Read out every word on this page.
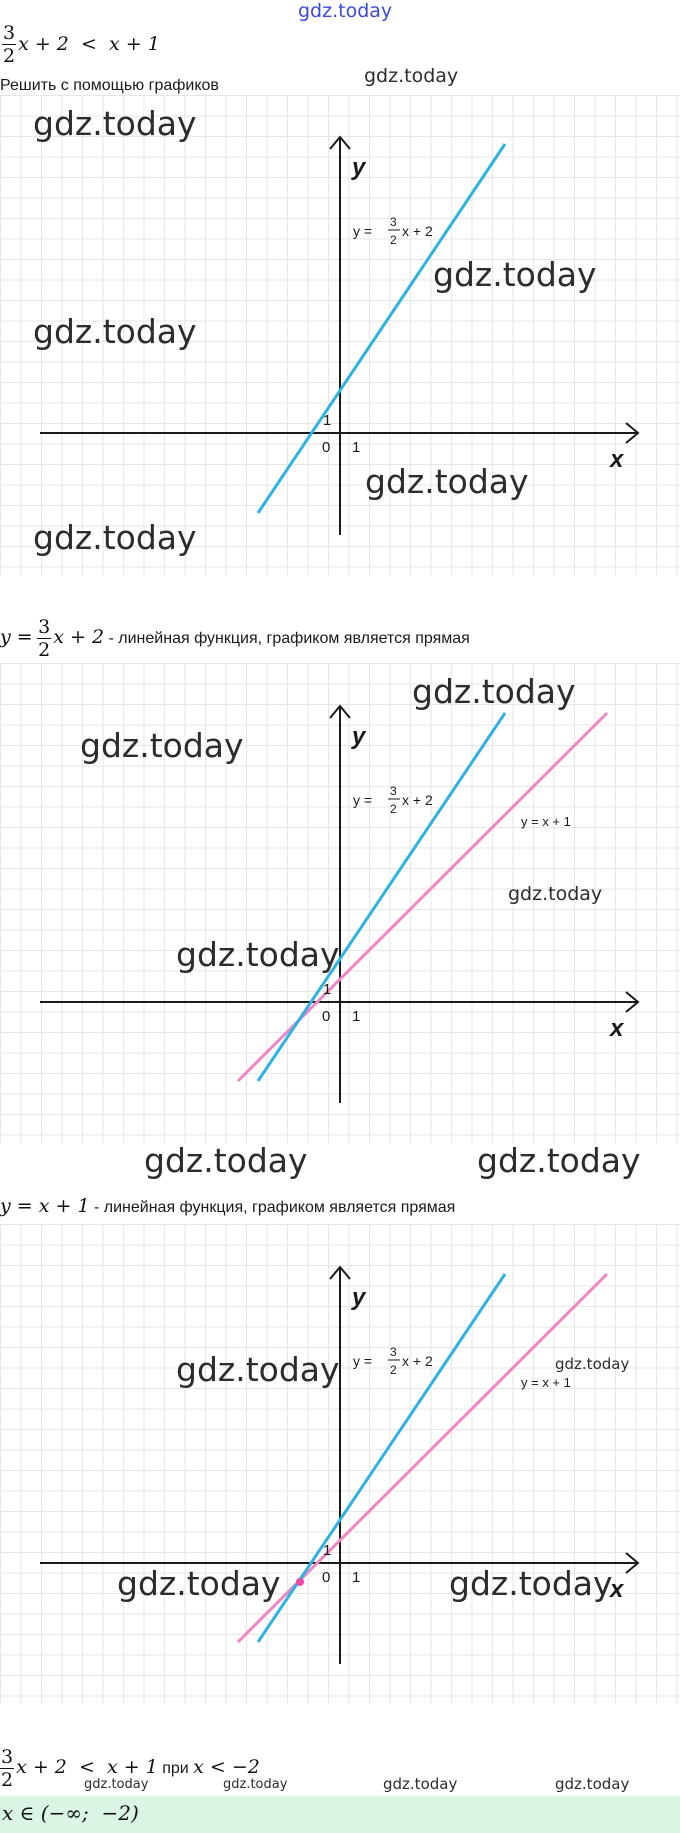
gdz.today
$\frac{3}{2}$ x + 2  <  x + 1
Решить с помощью графиков
y
x
0 1
1
y =
3
2
x + 2
$y = \frac{3}{2}$ x + 2 - линейная функция, графиком является прямая
y
x
0 1
1
y =
3
2
x + 2
y = x + 1
y = x + 1 - линейная функция, графиком является прямая
y
x
0 1
1
y =
3
2
x + 2
y = x + 1
$\frac{3}{2}$ x + 2  <  x + 1 при x < −2
x ∈ (−∞;  −2)
gdz.today
gdz.today
gdz.today
gdz.today
gdz.today
gdz.today
gdz.today
gdz.today
gdz.today
gdz.today
gdz.today	gdz.today
gdz.today	gdz.today
gdz.today	gdz.today
gdz.today	gdz.today	gdz.today	gdz.today
